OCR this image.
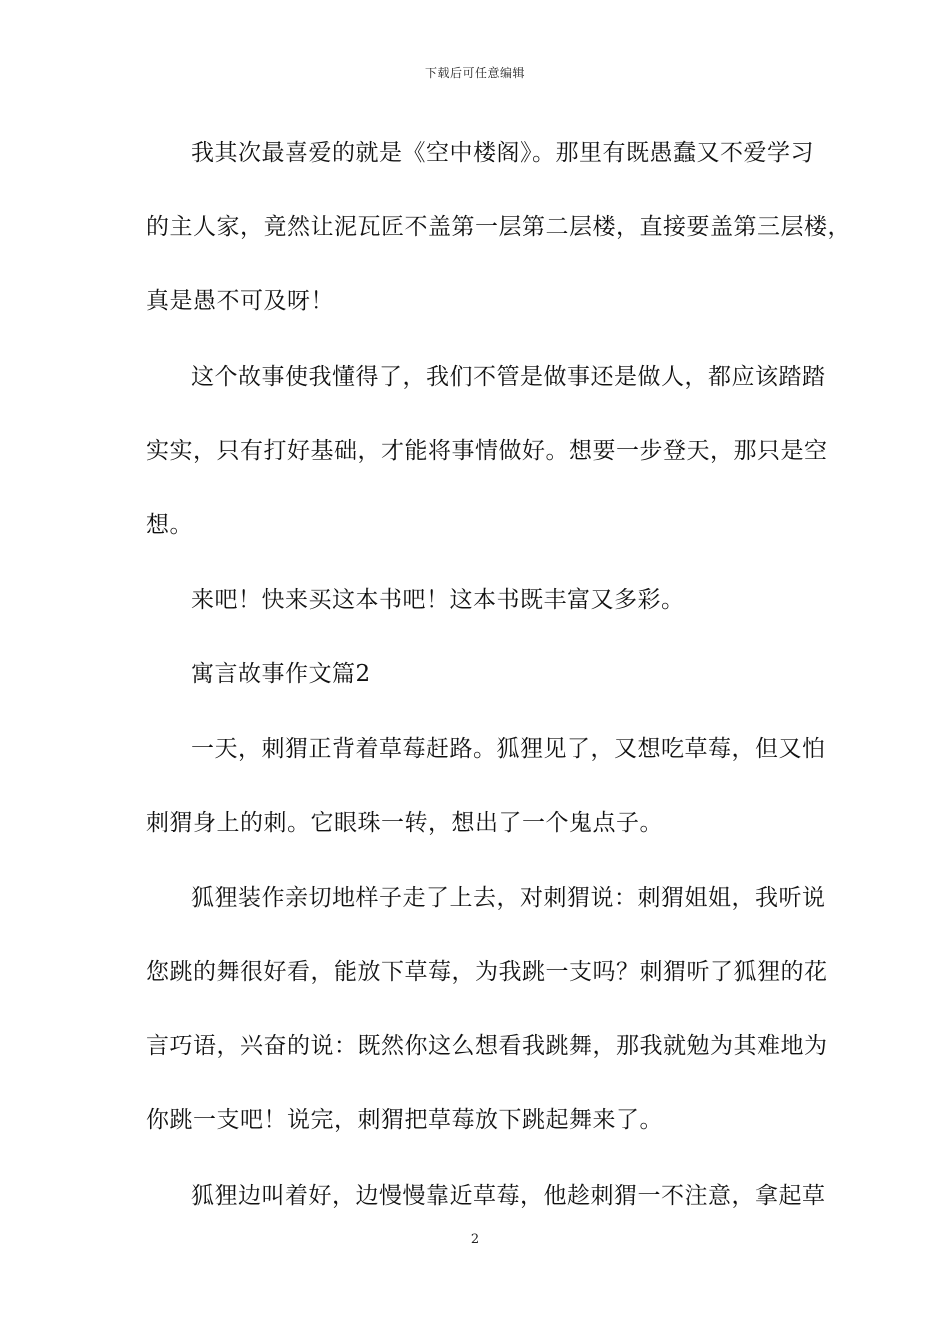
下载后可任意编辑
我其次最喜爱的就是《空中楼阁》。那里有既愚蠢又不爱学习
的主人家，竟然让泥瓦匠不盖第一层第二层楼，直接要盖第三层楼，
真是愚不可及呀！
这个故事使我懂得了，我们不管是做事还是做人，都应该踏踏
实实，只有打好基础，才能将事情做好。想要一步登天，那只是空
想。
来吧！快来买这本书吧！这本书既丰富又多彩。
寓言故事作文篇2
一天，刺猬正背着草莓赶路。狐狸见了，又想吃草莓，但又怕
刺猬身上的刺。它眼珠一转，想出了一个鬼点子。
狐狸装作亲切地样子走了上去，对刺猬说：刺猬姐姐，我听说
您跳的舞很好看，能放下草莓，为我跳一支吗？刺猬听了狐狸的花
言巧语，兴奋的说：既然你这么想看我跳舞，那我就勉为其难地为
你跳一支吧！说完，刺猬把草莓放下跳起舞来了。
狐狸边叫着好，边慢慢靠近草莓，他趁刺猬一不注意，拿起草
2
